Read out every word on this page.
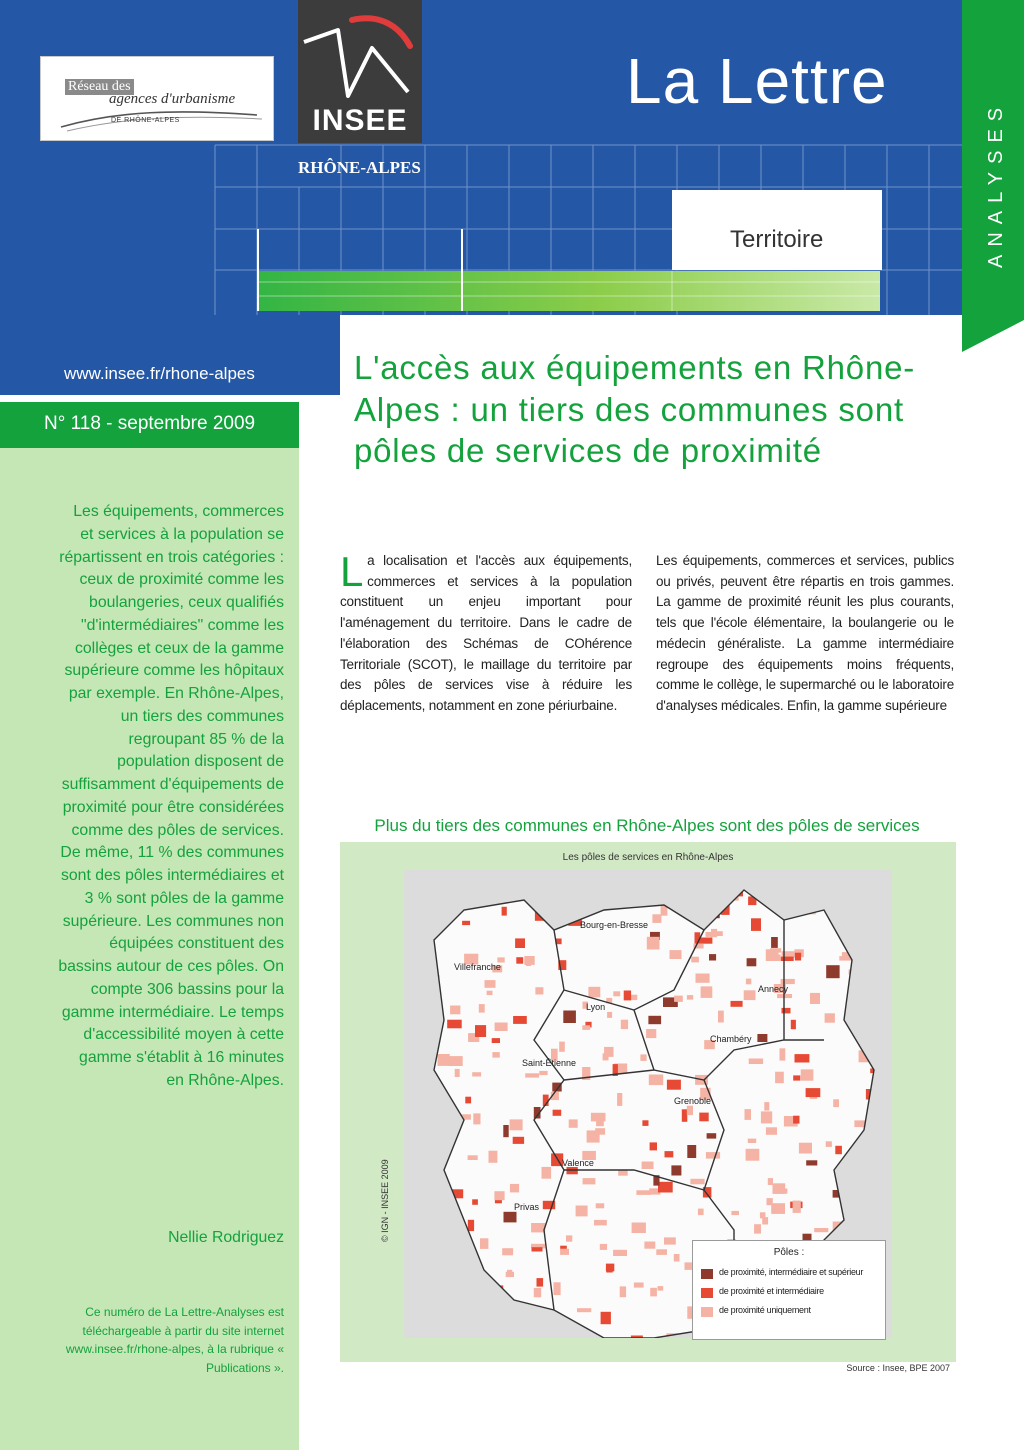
Territoire
Réseau des
agences d'urbanisme
DE RHÔNE-ALPES	INSEE
RHÔNE-ALPES
La Lettre
ANALYSES
www.insee.fr/rhone-alpes
N° 118 - septembre 2009
Les équipements, commerces et services à la population se répartissent en trois catégories : ceux de proximité comme les boulangeries, ceux qualifiés "d'intermédiaires" comme les collèges et ceux de la gamme supérieure comme les hôpitaux par exemple. En Rhône-Alpes, un tiers des communes regroupant 85 % de la population disposent de suffisamment d'équipements de proximité pour être considérées comme des pôles de services. De même, 11 % des communes sont des pôles intermédiaires et 3 % sont pôles de la gamme supérieure. Les communes non équipées constituent des bassins autour de ces pôles. On compte 306 bassins pour la gamme intermédiaire. Le temps d'accessibilité moyen à cette gamme s'établit à 16 minutes en Rhône-Alpes.
Nellie Rodriguez
Ce numéro de La Lettre-Analyses est téléchargeable à partir du site internet www.insee.fr/rhone-alpes, à la rubrique « Publications ».
L'accès aux équipements en Rhône-Alpes : un tiers des communes sont pôles de services de proximité
La localisation et l'accès aux équipements, commerces et services à la population constituent un enjeu important pour l'aménagement du territoire. Dans le cadre de l'élaboration des Schémas de COhérence Territoriale (SCOT), le maillage du territoire par des pôles de services vise à réduire les déplacements, notamment en zone périurbaine.
Les équipements, commerces et services, publics ou privés, peuvent être répartis en trois gammes. La gamme de proximité réunit les plus courants, tels que l'école élémentaire, la boulangerie ou le médecin généraliste. La gamme intermédiaire regroupe des équipements moins fréquents, comme le collège, le supermarché ou le laboratoire d'analyses médicales. Enfin, la gamme supérieure
Plus du tiers des communes en Rhône-Alpes sont des pôles de services
Les pôles de services en Rhône-Alpes
Bourg-en-Bresse
Villefranche
Lyon
Annecy
Chambéry
Saint-Étienne
Grenoble
Valence
Privas
© IGN - INSEE 2009
Pôles :
de proximité, intermédiaire et supérieur
de proximité et intermédiaire
de proximité uniquement
Source : Insee, BPE 2007
